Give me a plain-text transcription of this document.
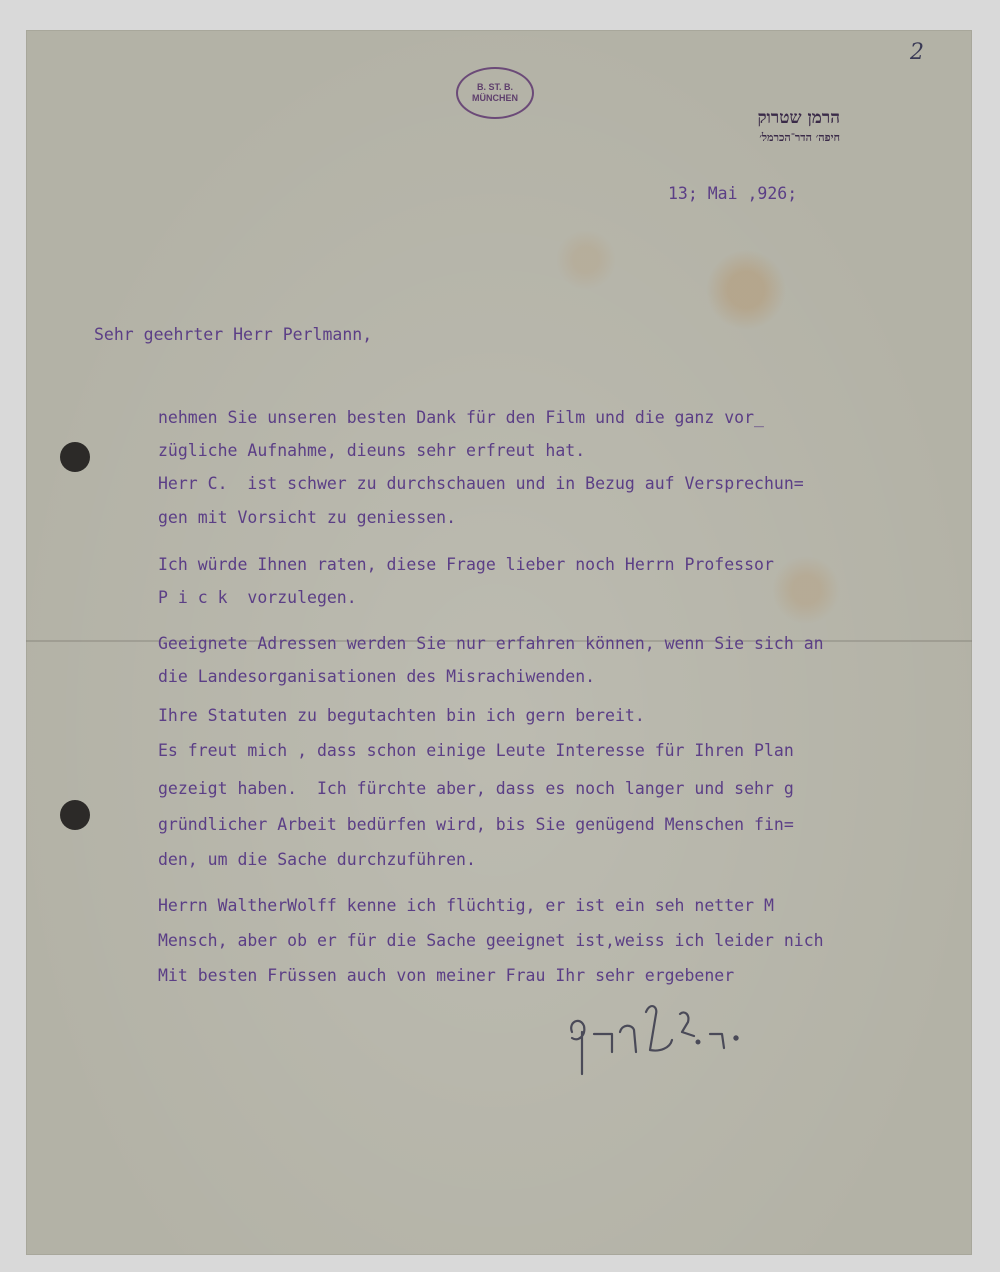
2
B. ST. B.
MÜNCHEN
הרמן שטרוק
חיפה׳ הדר־הכרמל׳
13; Mai ,926;
Sehr geehrter Herr Perlmann,
nehmen Sie unseren besten Dank für den Film und die ganz vor_
zügliche Aufnahme, dieuns sehr erfreut hat.
Herr C.  ist schwer zu durchschauen und in Bezug auf Versprechun=
gen mit Vorsicht zu geniessen.
Ich würde Ihnen raten, diese Frage lieber noch Herrn Professor
P i c k  vorzulegen.
Geeignete Adressen werden Sie nur erfahren können, wenn Sie sich an
die Landesorganisationen des Misrachiwenden.
Ihre Statuten zu begutachten bin ich gern bereit.
Es freut mich , dass schon einige Leute Interesse für Ihren Plan
gezeigt haben.  Ich fürchte aber, dass es noch langer und sehr g
gründlicher Arbeit bedürfen wird, bis Sie genügend Menschen fin=
den, um die Sache durchzuführen.
Herrn WaltherWolff kenne ich flüchtig, er ist ein seh netter M
Mensch, aber ob er für die Sache geeignet ist,weiss ich leider nich
Mit besten Früssen auch von meiner Frau Ihr sehr ergebener
